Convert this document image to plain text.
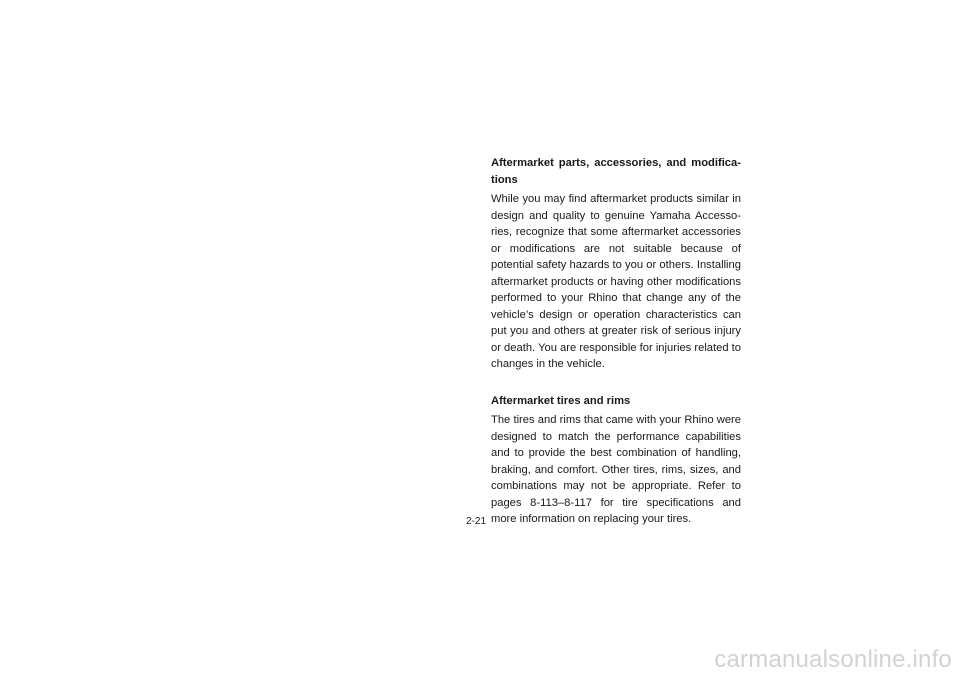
Aftermarket parts, accessories, and modifications

While you may find aftermarket products similar in design and quality to genuine Yamaha Accessories, recognize that some aftermarket accessories or modifications are not suitable because of potential safety hazards to you or others. Installing aftermarket products or having other modifications performed to your Rhino that change any of the vehicle’s design or operation characteristics can put you and others at greater risk of serious injury or death. You are responsible for injuries related to changes in the vehicle.

Aftermarket tires and rims

The tires and rims that came with your Rhino were designed to match the performance capabilities and to provide the best combination of handling, braking, and comfort. Other tires, rims, sizes, and combinations may not be appropriate. Refer to pages 8-113–8-117 for tire specifications and more information on replacing your tires.

2-21
carmanualsonline.info
